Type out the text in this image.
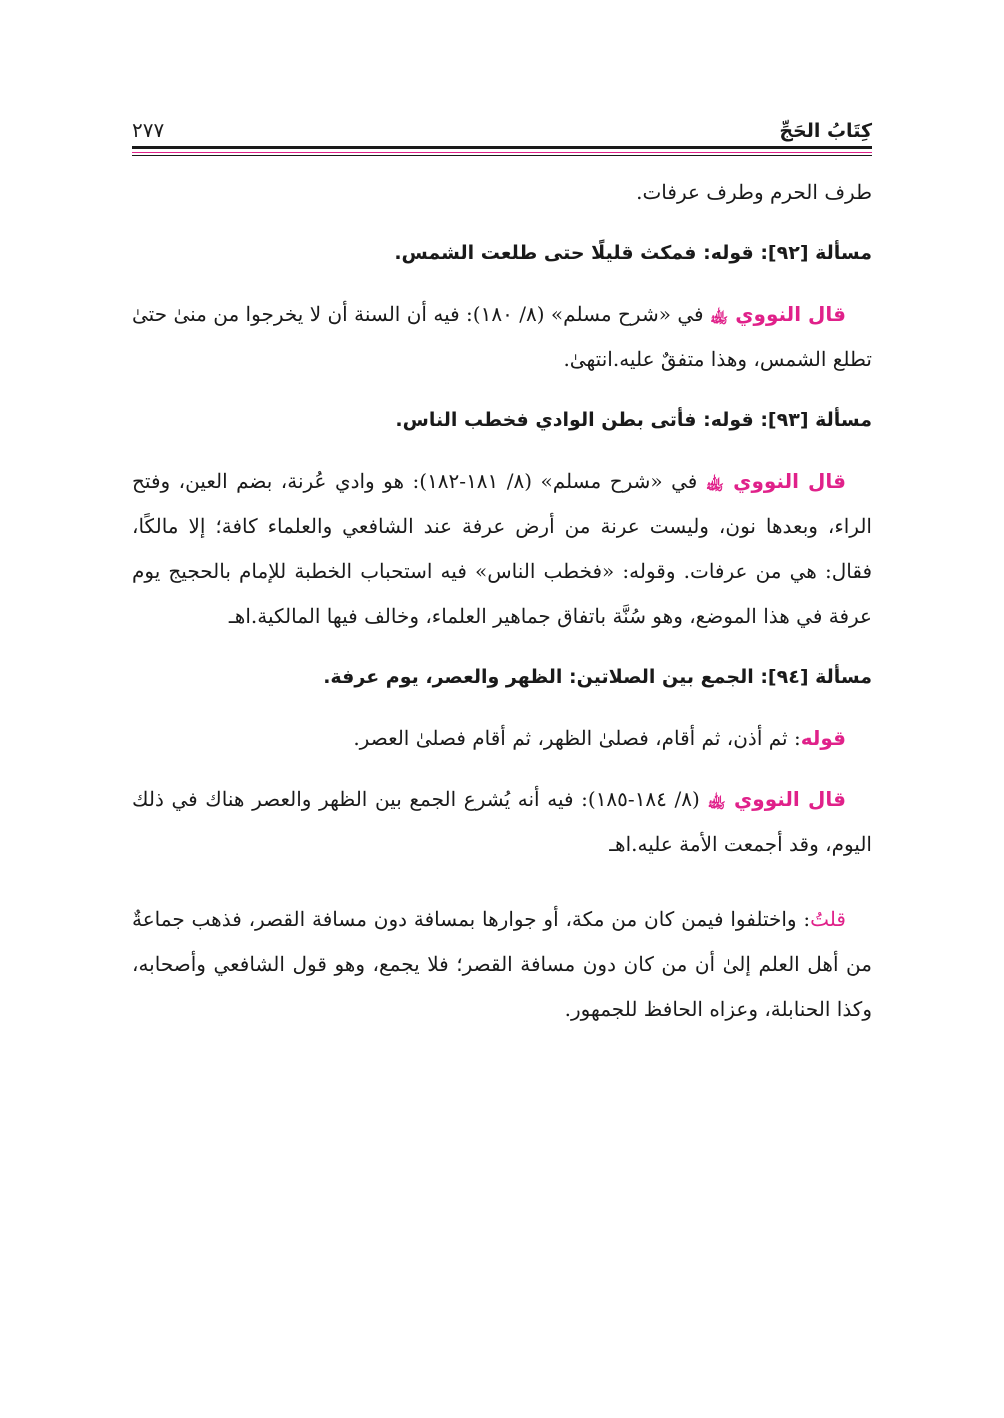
كِتَابُ الحَجِّ
٢٧٧

طرف الحرم وطرف عرفات.

مسألة [٩٢]: قوله: فمكث قليلًا حتى طلعت الشمس.

قال النووي ﵀ في «شرح مسلم» (٨/ ١٨٠): فيه أن السنة أن لا يخرجوا من منىٰ حتىٰ تطلع الشمس، وهذا متفقٌ عليه.انتهىٰ.

مسألة [٩٣]: قوله: فأتى بطن الوادي فخطب الناس.

قال النووي ﵀ في «شرح مسلم» (٨/ ١٨١-١٨٢): هو وادي عُرنة، بضم العين، وفتح الراء، وبعدها نون، وليست عرنة من أرض عرفة عند الشافعي والعلماء كافة؛ إلا مالكًا، فقال: هي من عرفات. وقوله: «فخطب الناس» فيه استحباب الخطبة للإمام بالحجيج يوم عرفة في هذا الموضع، وهو سُنَّة باتفاق جماهير العلماء، وخالف فيها المالكية.اهـ

مسألة [٩٤]: الجمع بين الصلاتين: الظهر والعصر، يوم عرفة.

قوله: ثم أذن، ثم أقام، فصلىٰ الظهر، ثم أقام فصلىٰ العصر.

قال النووي ﵀ (٨/ ١٨٤-١٨٥): فيه أنه يُشرع الجمع بين الظهر والعصر هناك في ذلك اليوم، وقد أجمعت الأمة عليه.اهـ

قلتُ: واختلفوا فيمن كان من مكة، أو جوارها بمسافة دون مسافة القصر، فذهب جماعةٌ من أهل العلم إلىٰ أن من كان دون مسافة القصر؛ فلا يجمع، وهو قول الشافعي وأصحابه، وكذا الحنابلة، وعزاه الحافظ للجمهور.
